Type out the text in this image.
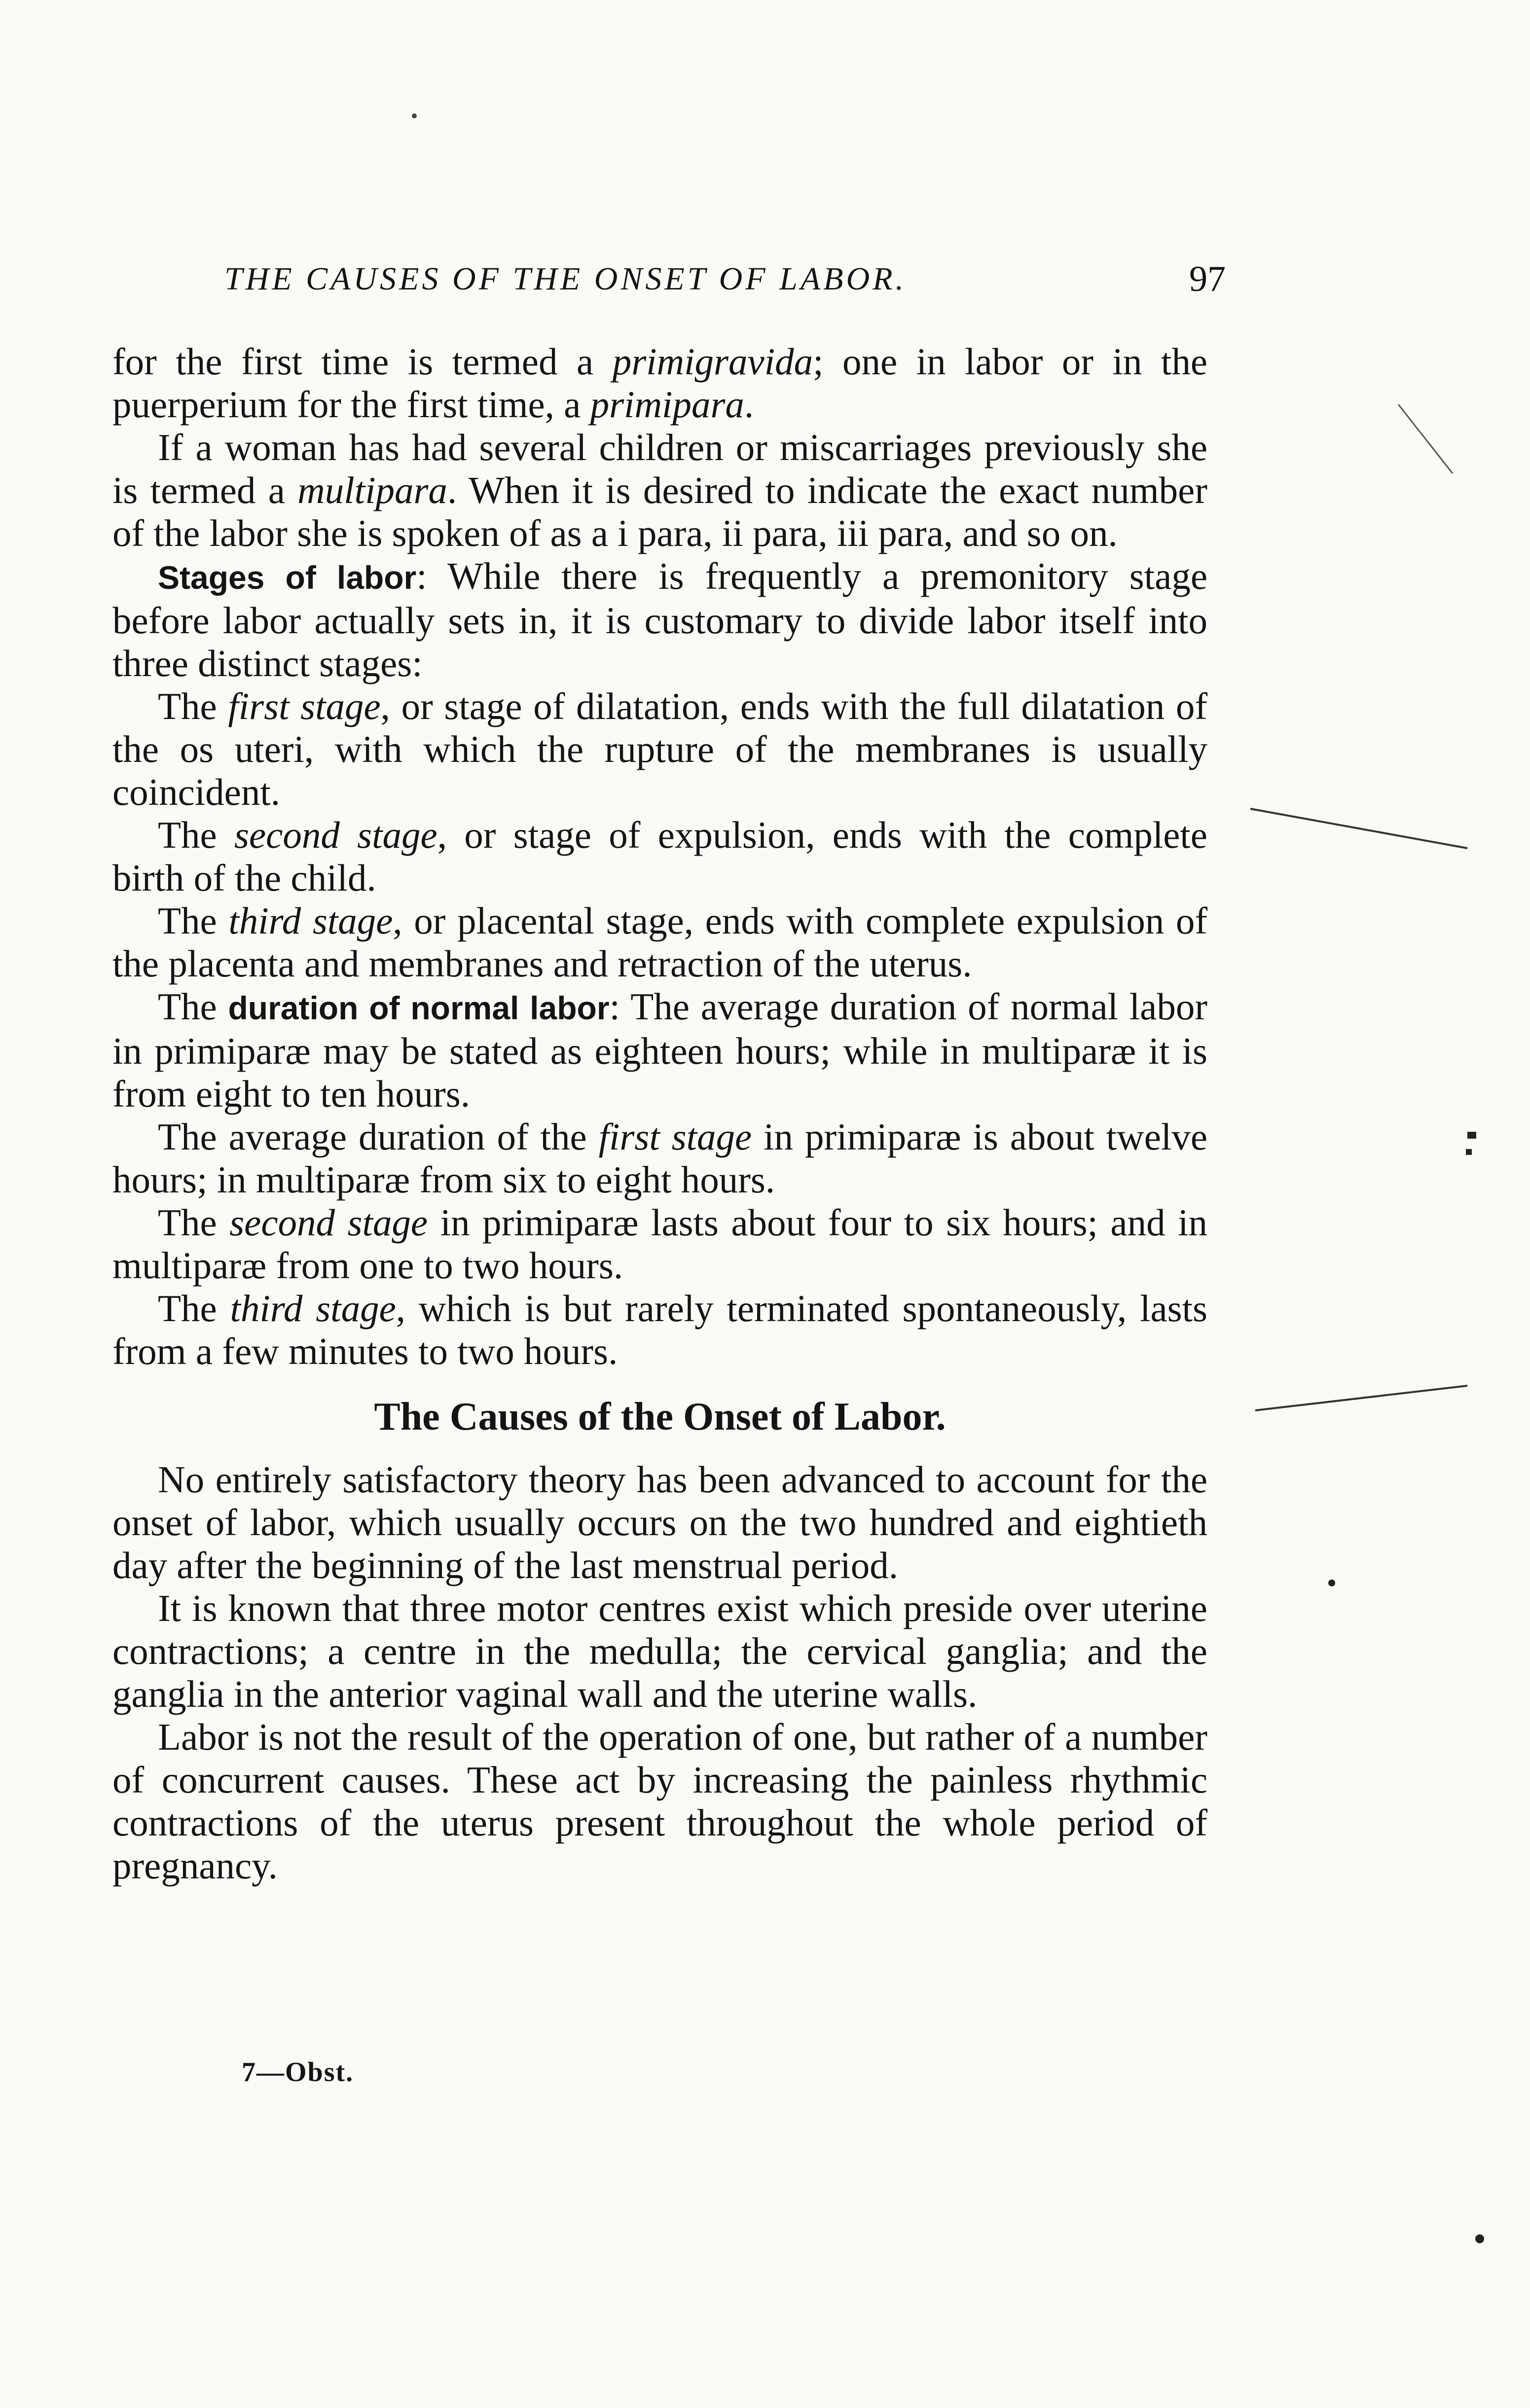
THE CAUSES OF THE ONSET OF LABOR.	97

for the first time is termed a primigravida; one in labor or in the puerperium for the first time, a primipara.

If a woman has had several children or miscarriages previously she is termed a multipara. When it is desired to indicate the exact number of the labor she is spoken of as a i para, ii para, iii para, and so on.

Stages of labor: While there is frequently a premonitory stage before labor actually sets in, it is customary to divide labor itself into three distinct stages:

The first stage, or stage of dilatation, ends with the full dilatation of the os uteri, with which the rupture of the membranes is usually coincident.

The second stage, or stage of expulsion, ends with the complete birth of the child.

The third stage, or placental stage, ends with complete expulsion of the placenta and membranes and retraction of the uterus.

The duration of normal labor: The average duration of normal labor in primiparæ may be stated as eighteen hours; while in multiparæ it is from eight to ten hours.

The average duration of the first stage in primiparæ is about twelve hours; in multiparæ from six to eight hours.

The second stage in primiparæ lasts about four to six hours; and in multiparæ from one to two hours.

The third stage, which is but rarely terminated spontaneously, lasts from a few minutes to two hours.

The Causes of the Onset of Labor.

No entirely satisfactory theory has been advanced to account for the onset of labor, which usually occurs on the two hundred and eightieth day after the beginning of the last menstrual period.

It is known that three motor centres exist which preside over uterine contractions; a centre in the medulla; the cervical ganglia; and the ganglia in the anterior vaginal wall and the uterine walls.

Labor is not the result of the operation of one, but rather of a number of concurrent causes. These act by increasing the painless rhythmic contractions of the uterus present throughout the whole period of pregnancy.

7—Obst.
